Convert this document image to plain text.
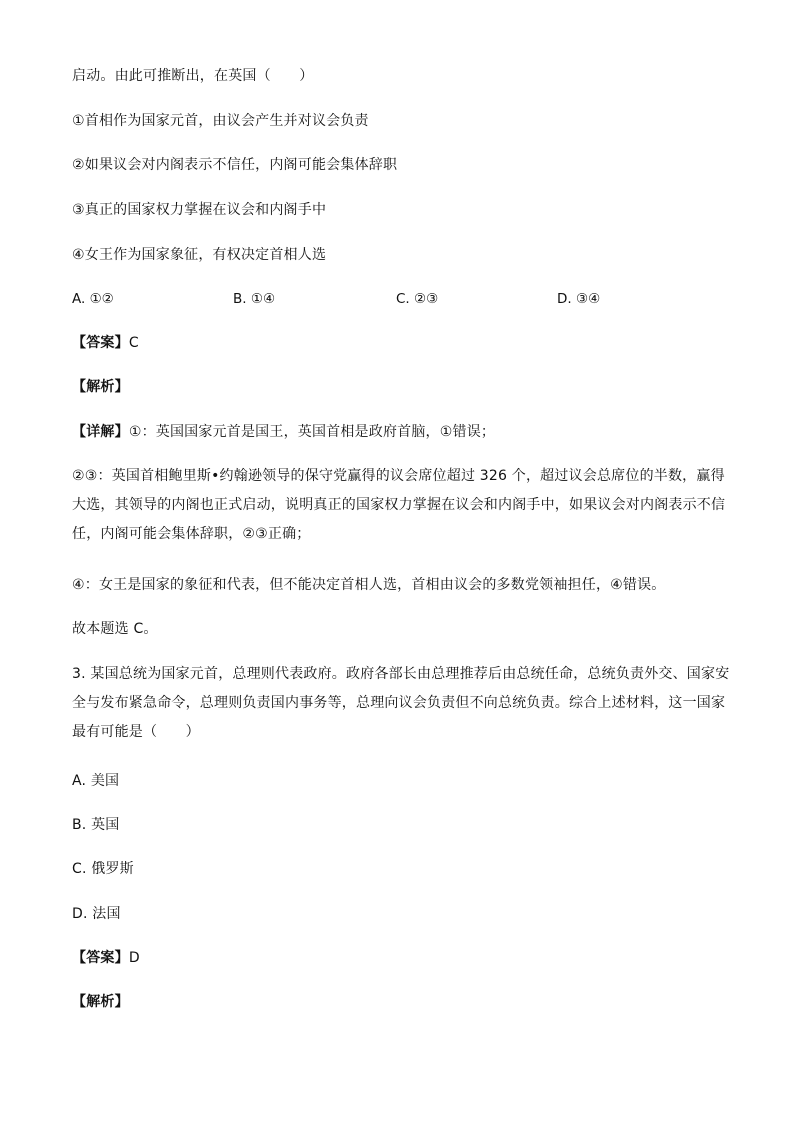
启动。由此可推断出，在英国（　　）
①首相作为国家元首，由议会产生并对议会负责
②如果议会对内阁表示不信任，内阁可能会集体辞职
③真正的国家权力掌握在议会和内阁手中
④女王作为国家象征，有权决定首相人选
A. ①②	B. ①④	C. ②③	D. ③④
【答案】C
【解析】
【详解】①：英国国家元首是国王，英国首相是政府首脑，①错误；
②③：英国首相鲍里斯•约翰逊领导的保守党赢得的议会席位超过 326 个，超过议会总席位的半数，赢得大选，其领导的内阁也正式启动，说明真正的国家权力掌握在议会和内阁手中，如果议会对内阁表示不信任，内阁可能会集体辞职，②③正确；
④：女王是国家的象征和代表，但不能决定首相人选，首相由议会的多数党领袖担任，④错误。
故本题选 C。
3. 某国总统为国家元首，总理则代表政府。政府各部长由总理推荐后由总统任命，总统负责外交、国家安全与发布紧急命令，总理则负责国内事务等，总理向议会负责但不向总统负责。综合上述材料，这一国家最有可能是（　　）
A. 美国
B. 英国
C. 俄罗斯
D. 法国
【答案】D
【解析】
